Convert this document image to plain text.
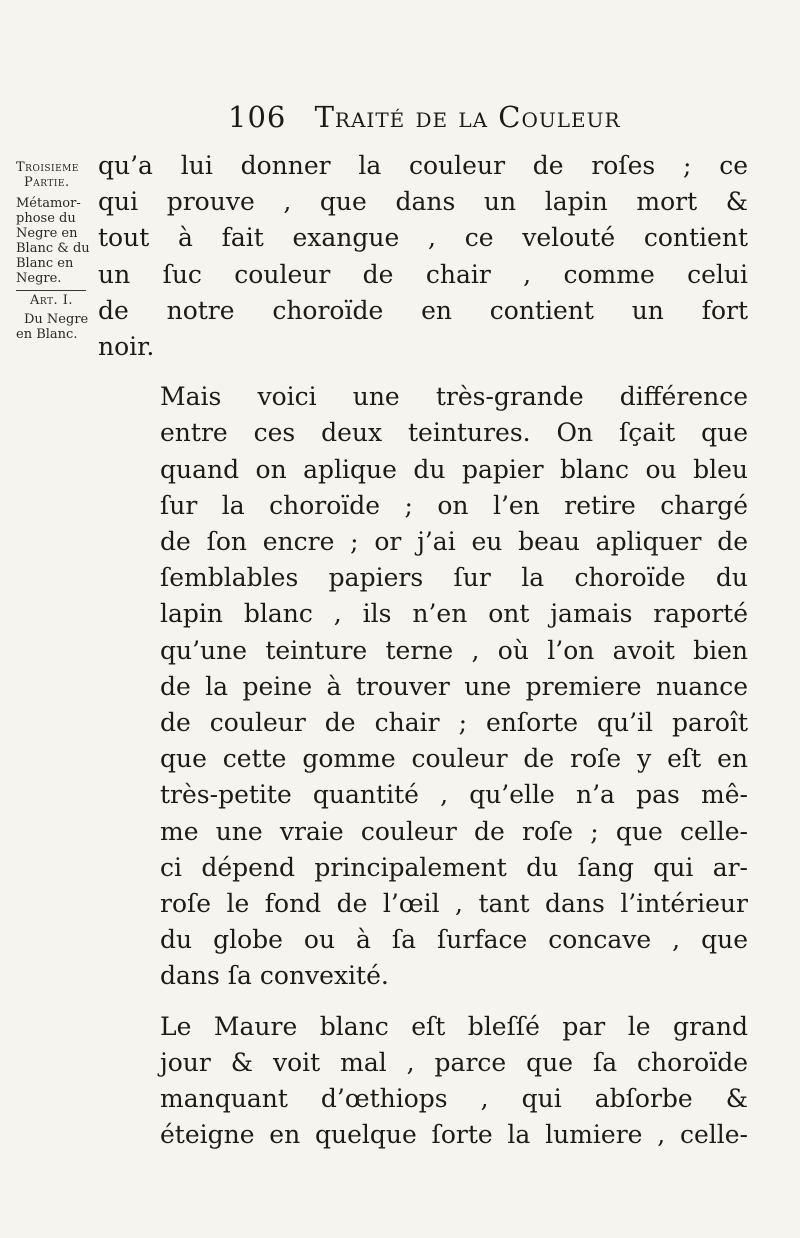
106 Traité de la Couleur
Troisieme
Partie.
Métamor-
phose du
Negre en
Blanc & du
Blanc en
Negre.
Art. I.
Du Negre
en Blanc.
qu’a lui donner la couleur de roſes ; ce
qui prouve , que dans un lapin mort &
tout à fait exangue , ce velouté contient
un ſuc couleur de chair , comme celui
de notre choroïde en contient un fort
noir.
Mais voici une très-grande différence
entre ces deux teintures. On ſçait que
quand on aplique du papier blanc ou bleu
ſur la choroïde ; on l’en retire chargé
de ſon encre ; or j’ai eu beau apliquer de
ſemblables papiers ſur la choroïde du
lapin blanc , ils n’en ont jamais raporté
qu’une teinture terne , où l’on avoit bien
de la peine à trouver une premiere nuance
de couleur de chair ; enſorte qu’il paroît
que cette gomme couleur de roſe y eſt en
très-petite quantité , qu’elle n’a pas mê-
me une vraie couleur de roſe ; que celle-
ci dépend principalement du ſang qui ar-
roſe le fond de l’œil , tant dans l’intérieur
du globe ou à ſa ſurface concave , que
dans ſa convexité.
Le Maure blanc eſt bleſſé par le grand
jour & voit mal , parce que ſa choroïde
manquant d’œthiops , qui abſorbe &
éteigne en quelque ſorte la lumiere , celle-
